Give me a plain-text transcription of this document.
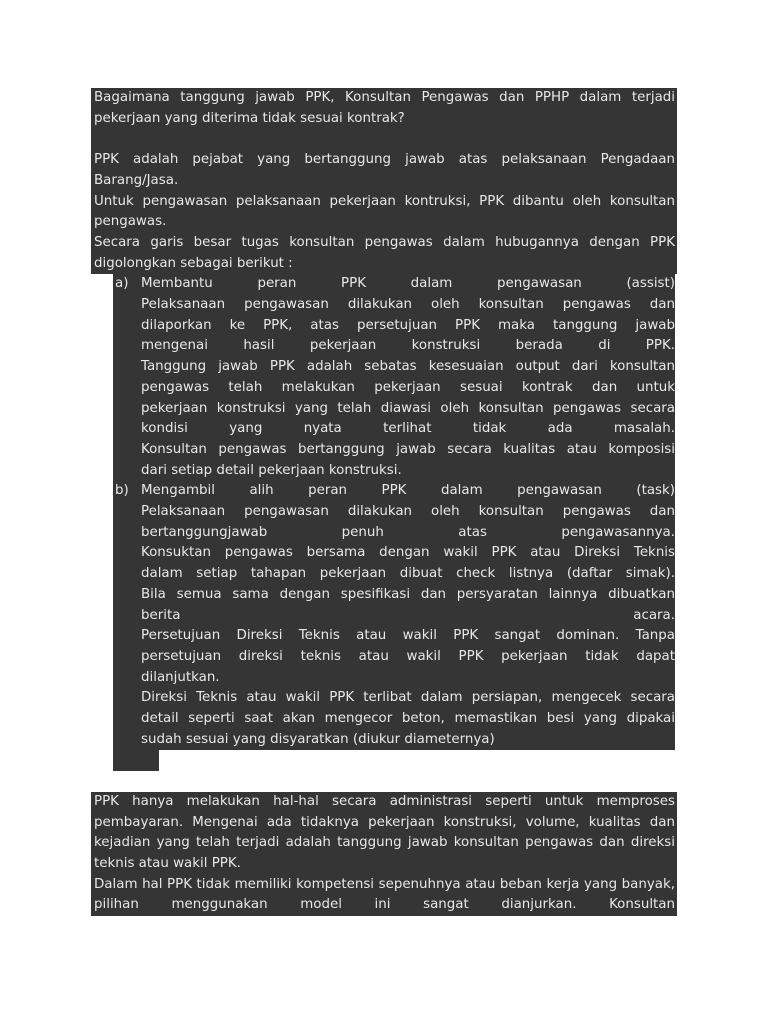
Bagaimana tanggung jawab PPK, Konsultan Pengawas dan PPHP dalam terjadi pekerjaan yang diterima tidak sesuai kontrak?
PPK adalah pejabat yang bertanggung jawab atas pelaksanaan Pengadaan Barang/Jasa.
Untuk pengawasan pelaksanaan pekerjaan kontruksi, PPK dibantu oleh konsultan pengawas.
Secara garis besar tugas konsultan pengawas dalam hubugannya dengan PPK digolongkan sebagai berikut :
a) Membantu peran PPK dalam pengawasan (assist)
Pelaksanaan pengawasan dilakukan oleh konsultan pengawas dan
dilaporkan ke PPK, atas persetujuan PPK maka tanggung jawab
mengenai hasil pekerjaan konstruksi berada di PPK.
Tanggung jawab PPK adalah sebatas kesesuaian output dari konsultan
pengawas telah melakukan pekerjaan sesuai kontrak dan untuk
pekerjaan konstruksi yang telah diawasi oleh konsultan pengawas secara
kondisi yang nyata terlihat tidak ada masalah.
Konsultan pengawas bertanggung jawab secara kualitas atau komposisi
dari setiap detail pekerjaan konstruksi.
b) Mengambil alih peran PPK dalam pengawasan (task)
Pelaksanaan pengawasan dilakukan oleh konsultan pengawas dan
bertanggungjawab penuh atas pengawasannya.
Konsuktan pengawas bersama dengan wakil PPK atau Direksi Teknis
dalam setiap tahapan pekerjaan dibuat check listnya (daftar simak).
Bila semua sama dengan spesifikasi dan persyaratan lainnya dibuatkan
berita acara.
Persetujuan Direksi Teknis atau wakil PPK sangat dominan. Tanpa
persetujuan direksi teknis atau wakil PPK pekerjaan tidak dapat
dilanjutkan.
Direksi Teknis atau wakil PPK terlibat dalam persiapan, mengecek secara
detail seperti saat akan mengecor beton, memastikan besi yang dipakai
sudah sesuai yang disyaratkan (diukur diameternya)
PPK hanya melakukan hal-hal secara administrasi seperti untuk memproses pembayaran. Mengenai ada tidaknya pekerjaan konstruksi, volume, kualitas dan kejadian yang telah terjadi adalah tanggung jawab konsultan pengawas dan direksi teknis atau wakil PPK.
Dalam hal PPK tidak memiliki kompetensi sepenuhnya atau beban kerja yang banyak, pilihan menggunakan model ini sangat dianjurkan. Konsultan
